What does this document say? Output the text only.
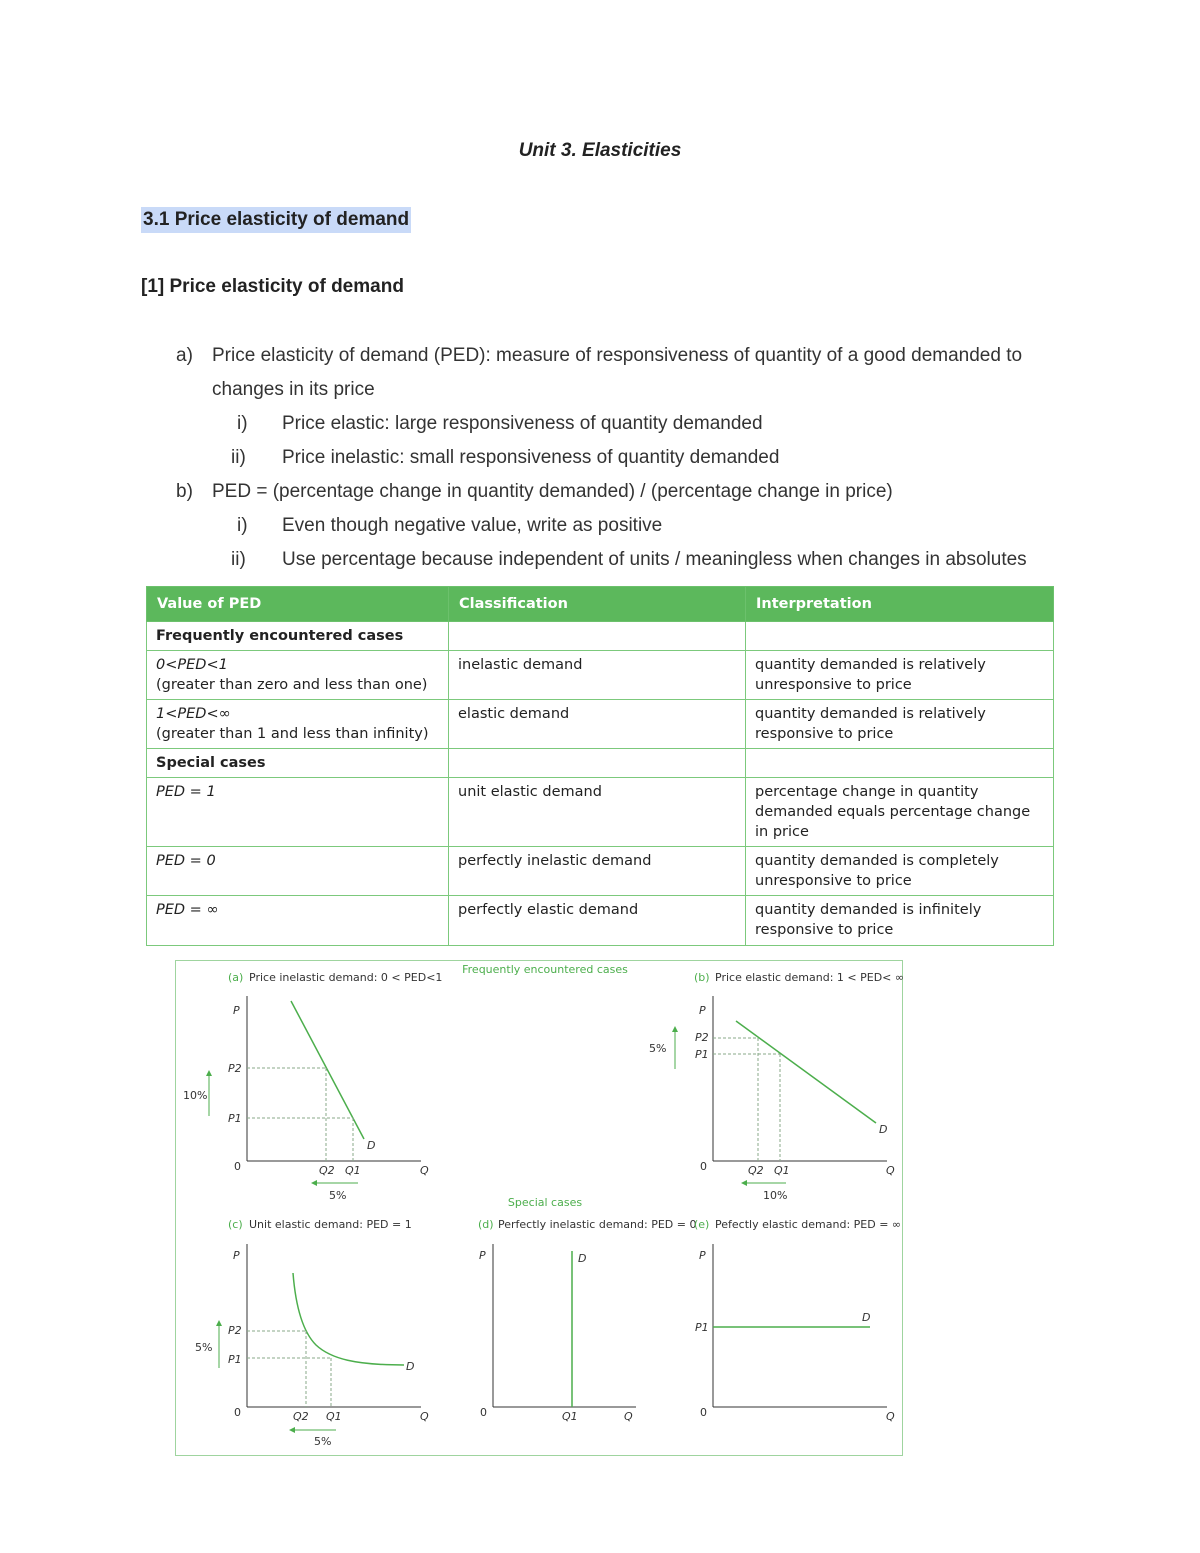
Unit 3. Elasticities
3.1 Price elasticity of demand
[1] Price elasticity of demand
a) Price elasticity of demand (PED): measure of responsiveness of quantity of a good demanded to
changes in its price
i) Price elastic: large responsiveness of quantity demanded
ii) Price inelastic: small responsiveness of quantity demanded
b) PED = (percentage change in quantity demanded) / (percentage change in price)
i) Even though negative value, write as positive
ii) Use percentage because independent of units / meaningless when changes in absolutes
Value of PED	Classification	Interpretation
Frequently encountered cases		
0<PED<1
(greater than zero and less than one)	inelastic demand	quantity demanded is relatively unresponsive to price
1<PED<∞
(greater than 1 and less than infinity)	elastic demand	quantity demanded is relatively responsive to price
Special cases		
PED = 1	unit elastic demand	percentage change in quantity demanded equals percentage change in price
PED = 0	perfectly inelastic demand	quantity demanded is completely unresponsive to price
PED = ∞	perfectly elastic demand	quantity demanded is infinitely responsive to price
Frequently encountered cases
Special cases
(a) Price inelastic demand: 0 < PED<1
P
Q
0
P2
P1
D
Q2 Q1
10%
5%
(b) Price elastic demand: 1 < PED< ∞
P
Q
0
P2
P1
D
Q2 Q1
5%
10%
(c) Unit elastic demand: PED = 1
P
Q
0
P2
P1
D
Q2 Q1
5%
5%
(d) Perfectly inelastic demand: PED = 0
P
Q
0
D
Q1
(e) Pefectly elastic demand: PED = ∞
P
Q
0
P1
D
